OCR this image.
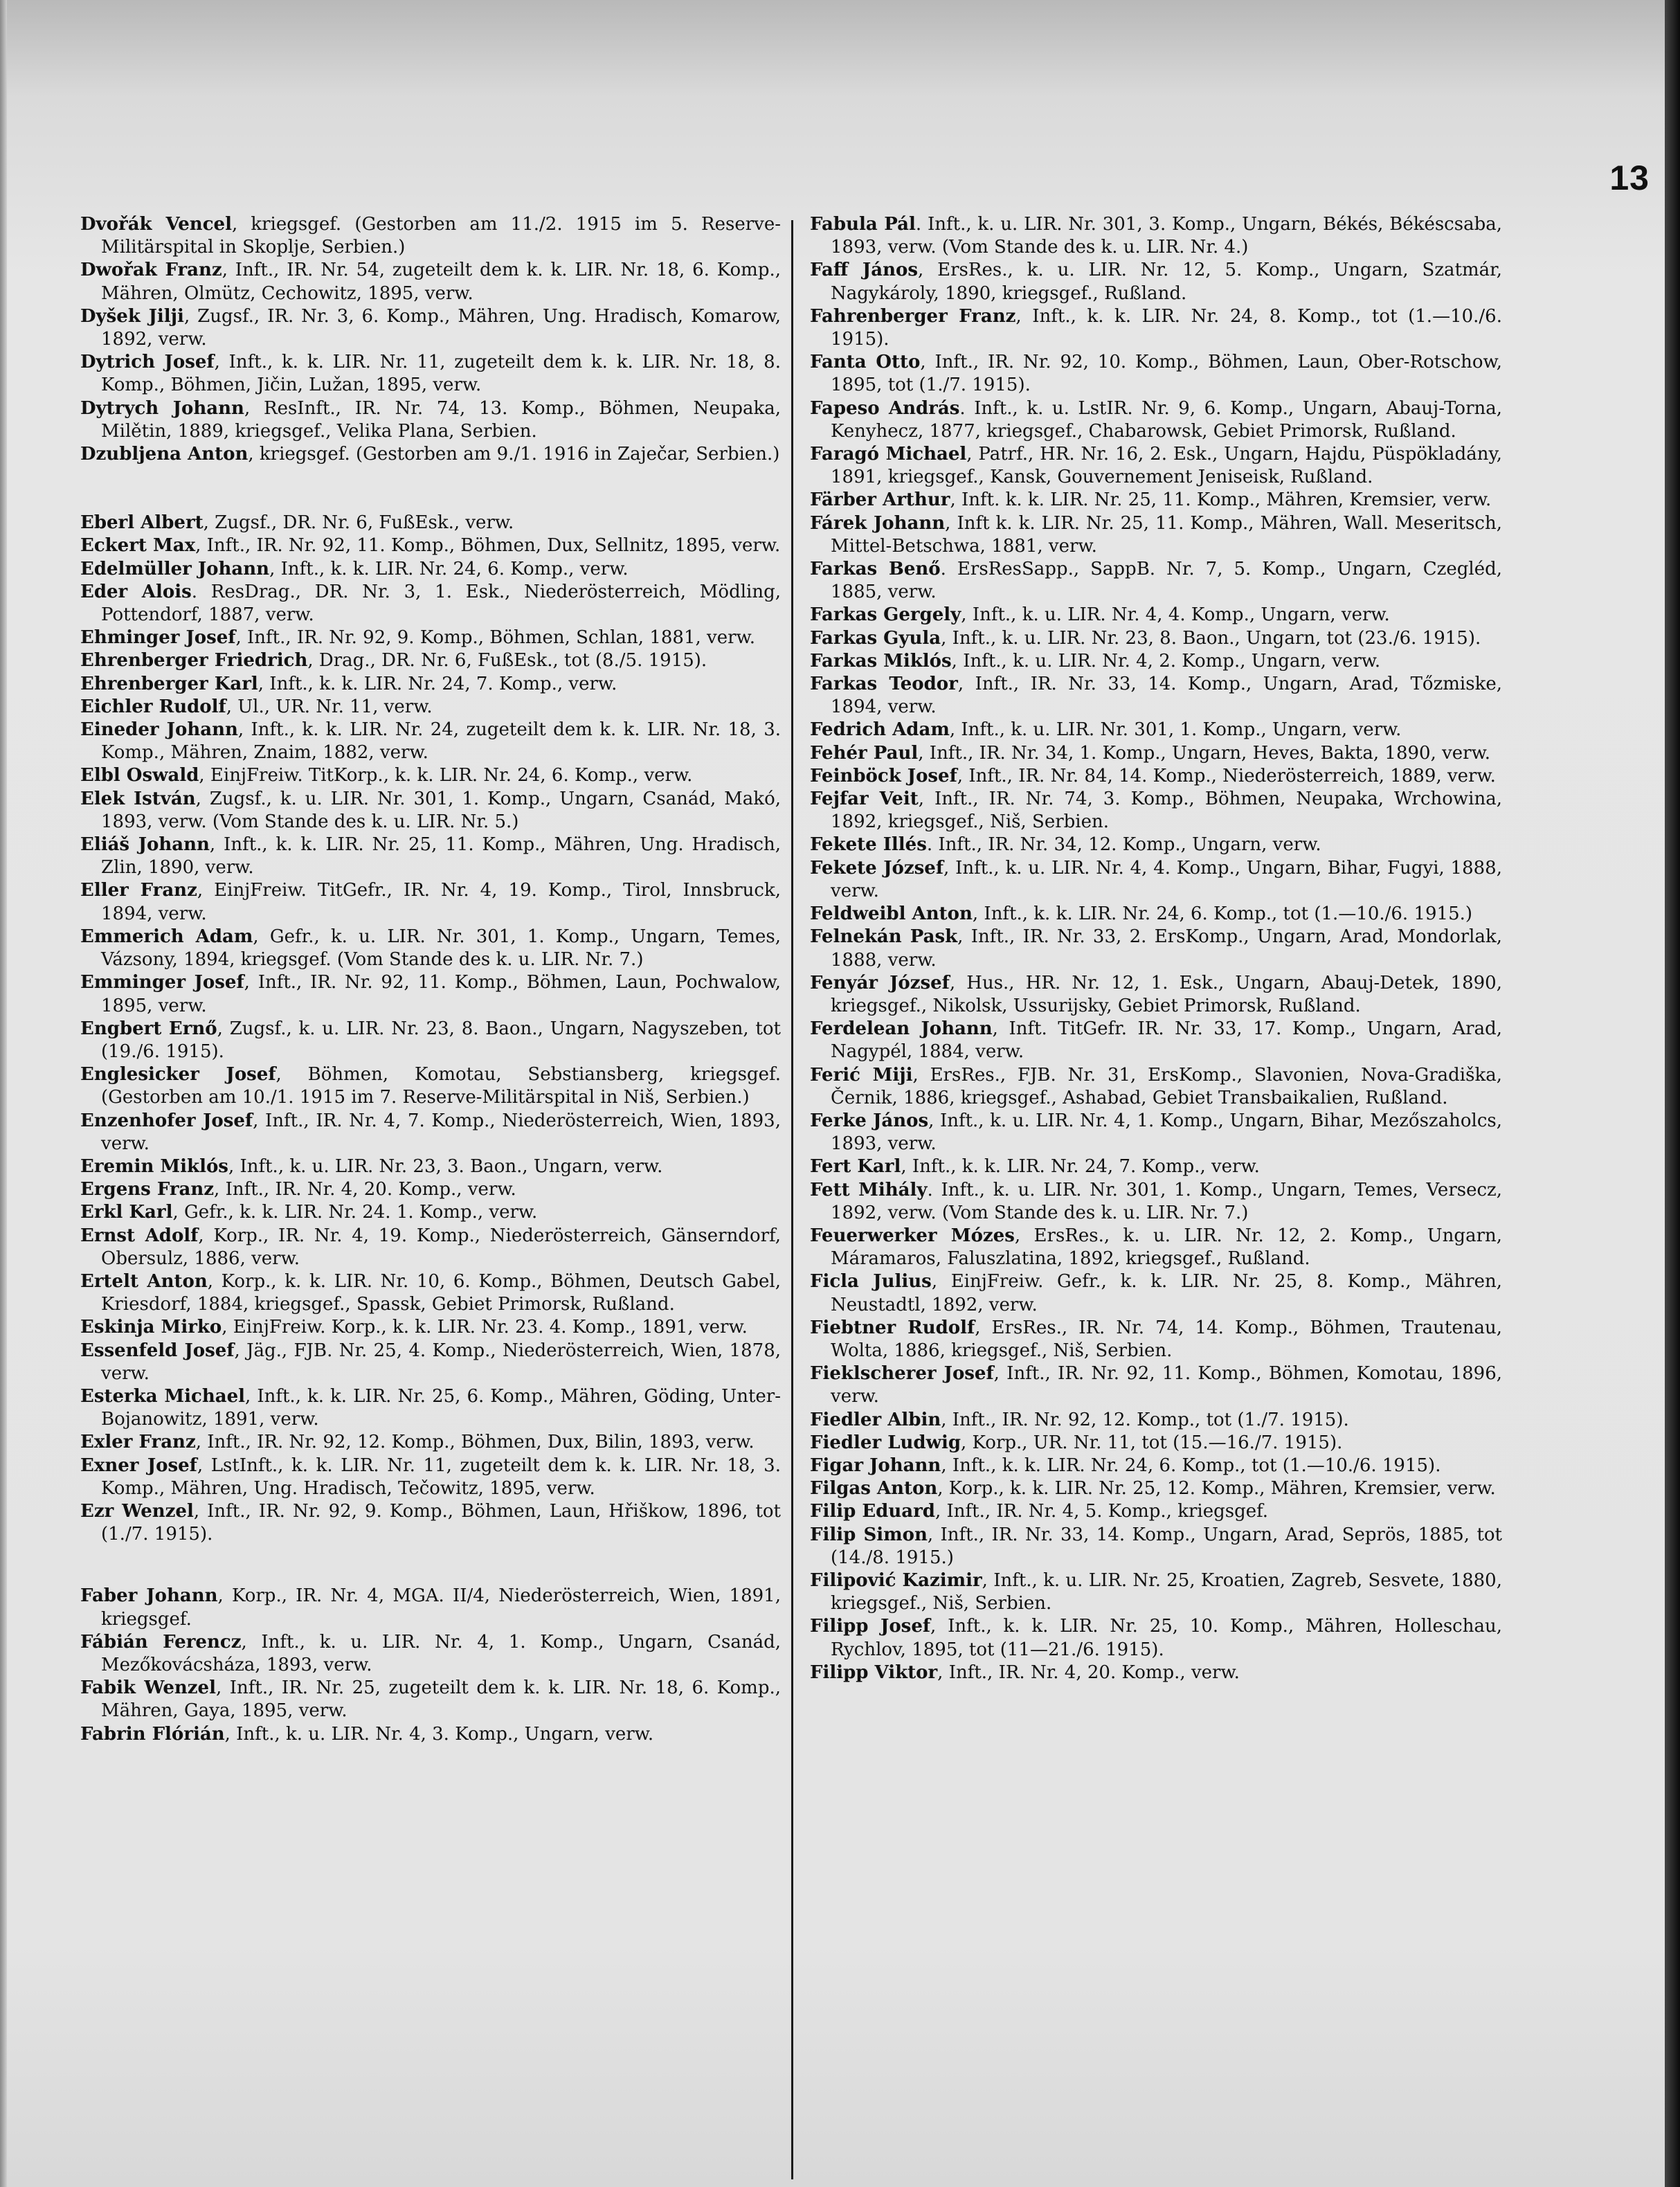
13

Dvořák Vencel, kriegsgef. (Gestorben am 11./2. 1915 im 5. Reserve-Militärspital in Skoplje, Serbien.)

Dwořak Franz, Inft., IR. Nr. 54, zugeteilt dem k. k. LIR. Nr. 18, 6. Komp., Mähren, Olmütz, Cechowitz, 1895, verw.

Dyšek Jilji, Zugsf., IR. Nr. 3, 6. Komp., Mähren, Ung. Hradisch, Komarow, 1892, verw.

Dytrich Josef, Inft., k. k. LIR. Nr. 11, zugeteilt dem k. k. LIR. Nr. 18, 8. Komp., Böhmen, Jičin, Lužan, 1895, verw.

Dytrych Johann, ResInft., IR. Nr. 74, 13. Komp., Böhmen, Neupaka, Milětin, 1889, kriegsgef., Velika Plana, Serbien.

Dzubljena Anton, kriegsgef. (Gestorben am 9./1. 1916 in Zaječar, Serbien.)

Eberl Albert, Zugsf., DR. Nr. 6, FußEsk., verw.

Eckert Max, Inft., IR. Nr. 92, 11. Komp., Böhmen, Dux, Sellnitz, 1895, verw.

Edelmüller Johann, Inft., k. k. LIR. Nr. 24, 6. Komp., verw.

Eder Alois. ResDrag., DR. Nr. 3, 1. Esk., Niederösterreich, Mödling, Pottendorf, 1887, verw.

Ehminger Josef, Inft., IR. Nr. 92, 9. Komp., Böhmen, Schlan, 1881, verw.

Ehrenberger Friedrich, Drag., DR. Nr. 6, FußEsk., tot (8./5. 1915).

Ehrenberger Karl, Inft., k. k. LIR. Nr. 24, 7. Komp., verw.

Eichler Rudolf, Ul., UR. Nr. 11, verw.

Eineder Johann, Inft., k. k. LIR. Nr. 24, zugeteilt dem k. k. LIR. Nr. 18, 3. Komp., Mähren, Znaim, 1882, verw.

Elbl Oswald, EinjFreiw. TitKorp., k. k. LIR. Nr. 24, 6. Komp., verw.

Elek István, Zugsf., k. u. LIR. Nr. 301, 1. Komp., Ungarn, Csanád, Makó, 1893, verw. (Vom Stande des k. u. LIR. Nr. 5.)

Eliáš Johann, Inft., k. k. LIR. Nr. 25, 11. Komp., Mähren, Ung. Hradisch, Zlin, 1890, verw.

Eller Franz, EinjFreiw. TitGefr., IR. Nr. 4, 19. Komp., Tirol, Innsbruck, 1894, verw.

Emmerich Adam, Gefr., k. u. LIR. Nr. 301, 1. Komp., Ungarn, Temes, Vázsony, 1894, kriegsgef. (Vom Stande des k. u. LIR. Nr. 7.)

Emminger Josef, Inft., IR. Nr. 92, 11. Komp., Böhmen, Laun, Pochwalow, 1895, verw.

Engbert Ernő, Zugsf., k. u. LIR. Nr. 23, 8. Baon., Ungarn, Nagyszeben, tot (19./6. 1915).

Englesicker Josef, Böhmen, Komotau, Sebstiansberg, kriegsgef. (Gestorben am 10./1. 1915 im 7. Reserve-Militärspital in Niš, Serbien.)

Enzenhofer Josef, Inft., IR. Nr. 4, 7. Komp., Niederösterreich, Wien, 1893, verw.

Eremin Miklós, Inft., k. u. LIR. Nr. 23, 3. Baon., Ungarn, verw.

Ergens Franz, Inft., IR. Nr. 4, 20. Komp., verw.

Erkl Karl, Gefr., k. k. LIR. Nr. 24. 1. Komp., verw.

Ernst Adolf, Korp., IR. Nr. 4, 19. Komp., Niederösterreich, Gänserndorf, Obersulz, 1886, verw.

Ertelt Anton, Korp., k. k. LIR. Nr. 10, 6. Komp., Böhmen, Deutsch Gabel, Kriesdorf, 1884, kriegsgef., Spassk, Gebiet Primorsk, Rußland.

Eskinja Mirko, EinjFreiw. Korp., k. k. LIR. Nr. 23. 4. Komp., 1891, verw.

Essenfeld Josef, Jäg., FJB. Nr. 25, 4. Komp., Niederösterreich, Wien, 1878, verw.

Esterka Michael, Inft., k. k. LIR. Nr. 25, 6. Komp., Mähren, Göding, Unter-Bojanowitz, 1891, verw.

Exler Franz, Inft., IR. Nr. 92, 12. Komp., Böhmen, Dux, Bilin, 1893, verw.

Exner Josef, LstInft., k. k. LIR. Nr. 11, zugeteilt dem k. k. LIR. Nr. 18, 3. Komp., Mähren, Ung. Hradisch, Tečowitz, 1895, verw.

Ezr Wenzel, Inft., IR. Nr. 92, 9. Komp., Böhmen, Laun, Hřiškow, 1896, tot (1./7. 1915).

Faber Johann, Korp., IR. Nr. 4, MGA. II/4, Niederösterreich, Wien, 1891, kriegsgef.

Fábián Ferencz, Inft., k. u. LIR. Nr. 4, 1. Komp., Ungarn, Csanád, Mezőkovácsháza, 1893, verw.

Fabik Wenzel, Inft., IR. Nr. 25, zugeteilt dem k. k. LIR. Nr. 18, 6. Komp., Mähren, Gaya, 1895, verw.

Fabrin Flórián, Inft., k. u. LIR. Nr. 4, 3. Komp., Ungarn, verw.

Fabula Pál. Inft., k. u. LIR. Nr. 301, 3. Komp., Ungarn, Békés, Békéscsaba, 1893, verw. (Vom Stande des k. u. LIR. Nr. 4.)

Faff János, ErsRes., k. u. LIR. Nr. 12, 5. Komp., Ungarn, Szatmár, Nagykároly, 1890, kriegsgef., Rußland.

Fahrenberger Franz, Inft., k. k. LIR. Nr. 24, 8. Komp., tot (1.—10./6. 1915).

Fanta Otto, Inft., IR. Nr. 92, 10. Komp., Böhmen, Laun, Ober-Rotschow, 1895, tot (1./7. 1915).

Fapeso András. Inft., k. u. LstIR. Nr. 9, 6. Komp., Ungarn, Abauj-Torna, Kenyhecz, 1877, kriegsgef., Chabarowsk, Gebiet Primorsk, Rußland.

Faragó Michael, Patrf., HR. Nr. 16, 2. Esk., Ungarn, Hajdu, Püspökladány, 1891, kriegsgef., Kansk, Gouvernement Jeniseisk, Rußland.

Färber Arthur, Inft. k. k. LIR. Nr. 25, 11. Komp., Mähren, Kremsier, verw.

Fárek Johann, Inft k. k. LIR. Nr. 25, 11. Komp., Mähren, Wall. Meseritsch, Mittel-Betschwa, 1881, verw.

Farkas Benő. ErsResSapp., SappB. Nr. 7, 5. Komp., Ungarn, Czegléd, 1885, verw.

Farkas Gergely, Inft., k. u. LIR. Nr. 4, 4. Komp., Ungarn, verw.

Farkas Gyula, Inft., k. u. LIR. Nr. 23, 8. Baon., Ungarn, tot (23./6. 1915).

Farkas Miklós, Inft., k. u. LIR. Nr. 4, 2. Komp., Ungarn, verw.

Farkas Teodor, Inft., IR. Nr. 33, 14. Komp., Ungarn, Arad, Tőzmiske, 1894, verw.

Fedrich Adam, Inft., k. u. LIR. Nr. 301, 1. Komp., Ungarn, verw.

Fehér Paul, Inft., IR. Nr. 34, 1. Komp., Ungarn, Heves, Bakta, 1890, verw.

Feinböck Josef, Inft., IR. Nr. 84, 14. Komp., Niederösterreich, 1889, verw.

Fejfar Veit, Inft., IR. Nr. 74, 3. Komp., Böhmen, Neupaka, Wrchowina, 1892, kriegsgef., Niš, Serbien.

Fekete Illés. Inft., IR. Nr. 34, 12. Komp., Ungarn, verw.

Fekete József, Inft., k. u. LIR. Nr. 4, 4. Komp., Ungarn, Bihar, Fugyi, 1888, verw.

Feldweibl Anton, Inft., k. k. LIR. Nr. 24, 6. Komp., tot (1.—10./6. 1915.)

Felnekán Pask, Inft., IR. Nr. 33, 2. ErsKomp., Ungarn, Arad, Mondorlak, 1888, verw.

Fenyár József, Hus., HR. Nr. 12, 1. Esk., Ungarn, Abauj-Detek, 1890, kriegsgef., Nikolsk, Ussurijsky, Gebiet Primorsk, Rußland.

Ferdelean Johann, Inft. TitGefr. IR. Nr. 33, 17. Komp., Ungarn, Arad, Nagypél, 1884, verw.

Ferić Miji, ErsRes., FJB. Nr. 31, ErsKomp., Slavonien, Nova-Gradiška, Černik, 1886, kriegsgef., Ashabad, Gebiet Transbaikalien, Rußland.

Ferke János, Inft., k. u. LIR. Nr. 4, 1. Komp., Ungarn, Bihar, Mezőszaholcs, 1893, verw.

Fert Karl, Inft., k. k. LIR. Nr. 24, 7. Komp., verw.

Fett Mihály. Inft., k. u. LIR. Nr. 301, 1. Komp., Ungarn, Temes, Versecz, 1892, verw. (Vom Stande des k. u. LIR. Nr. 7.)

Feuerwerker Mózes, ErsRes., k. u. LIR. Nr. 12, 2. Komp., Ungarn, Máramaros, Faluszlatina, 1892, kriegsgef., Rußland.

Ficla Julius, EinjFreiw. Gefr., k. k. LIR. Nr. 25, 8. Komp., Mähren, Neustadtl, 1892, verw.

Fiebtner Rudolf, ErsRes., IR. Nr. 74, 14. Komp., Böhmen, Trautenau, Wolta, 1886, kriegsgef., Niš, Serbien.

Fieklscherer Josef, Inft., IR. Nr. 92, 11. Komp., Böhmen, Komotau, 1896, verw.

Fiedler Albin, Inft., IR. Nr. 92, 12. Komp., tot (1./7. 1915).

Fiedler Ludwig, Korp., UR. Nr. 11, tot (15.—16./7. 1915).

Figar Johann, Inft., k. k. LIR. Nr. 24, 6. Komp., tot (1.—10./6. 1915).

Filgas Anton, Korp., k. k. LIR. Nr. 25, 12. Komp., Mähren, Kremsier, verw.

Filip Eduard, Inft., IR. Nr. 4, 5. Komp., kriegsgef.

Filip Simon, Inft., IR. Nr. 33, 14. Komp., Ungarn, Arad, Seprös, 1885, tot (14./8. 1915.)

Filipović Kazimir, Inft., k. u. LIR. Nr. 25, Kroatien, Zagreb, Sesvete, 1880, kriegsgef., Niš, Serbien.

Filipp Josef, Inft., k. k. LIR. Nr. 25, 10. Komp., Mähren, Holleschau, Rychlov, 1895, tot (11—21./6. 1915).

Filipp Viktor, Inft., IR. Nr. 4, 20. Komp., verw.
